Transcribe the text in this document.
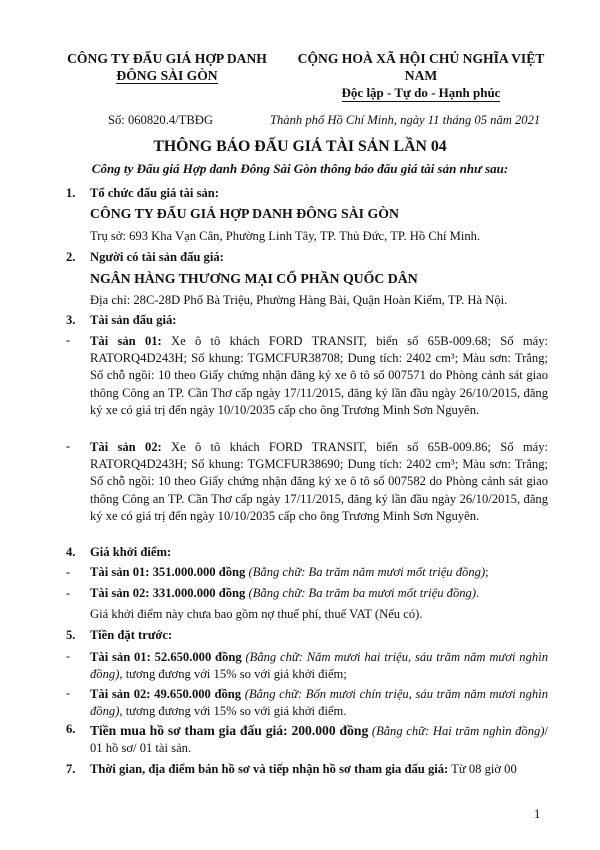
CÔNG TY ĐẤU GIÁ HỢP DANH
ĐÔNG SÀI GÒN
CỘNG HOÀ XÃ HỘI CHỦ NGHĨA VIỆT NAM
Độc lập - Tự do - Hạnh phúc
Số: 060820.4/TBĐG	Thành phố Hồ Chí Minh, ngày 11 tháng 05 năm 2021
THÔNG BÁO ĐẤU GIÁ TÀI SẢN LẦN 04
Công ty Đấu giá Hợp danh Đông Sài Gòn thông báo đấu giá tài sản như sau:
1. Tổ chức đấu giá tài sản:
CÔNG TY ĐẤU GIÁ HỢP DANH ĐÔNG SÀI GÒN
Trụ sở: 693 Kha Vạn Cân, Phường Linh Tây, TP. Thủ Đức, TP. Hồ Chí Minh.
2. Người có tài sản đấu giá:
NGÂN HÀNG THƯƠNG MẠI CỔ PHẦN QUỐC DÂN
Địa chỉ: 28C-28D Phố Bà Triệu, Phường Hàng Bài, Quận Hoàn Kiếm, TP. Hà Nội.
3. Tài sản đấu giá:
- Tài sản 01: Xe ô tô khách FORD TRANSIT, biển số 65B-009.68; Số máy: RATORQ4D243H; Số khung: TGMCFUR38708; Dung tích: 2402 cm³; Màu sơn: Trắng; Số chỗ ngồi: 10 theo Giấy chứng nhận đăng ký xe ô tô số 007571 do Phòng cảnh sát giao thông Công an TP. Cần Thơ cấp ngày 17/11/2015, đăng ký lần đầu ngày 26/10/2015, đăng ký xe có giá trị đến ngày 10/10/2035 cấp cho ông Trương Minh Sơn Nguyên.
- Tài sản 02: Xe ô tô khách FORD TRANSIT, biển số 65B-009.86; Số máy: RATORQ4D243H; Số khung: TGMCFUR38690; Dung tích: 2402 cm³; Màu sơn: Trắng; Số chỗ ngồi: 10 theo Giấy chứng nhận đăng ký xe ô tô số 007582 do Phòng cảnh sát giao thông Công an TP. Cần Thơ cấp ngày 17/11/2015, đăng ký lần đầu ngày 26/10/2015, đăng ký xe có giá trị đến ngày 10/10/2035 cấp cho ông Trương Minh Sơn Nguyên.
4. Giá khởi điểm:
- Tài sản 01: 351.000.000 đồng (Bằng chữ: Ba trăm năm mươi mốt triệu đồng);
- Tài sản 02: 331.000.000 đồng (Bằng chữ: Ba trăm ba mươi mốt triệu đồng).
Giá khởi điểm này chưa bao gồm nợ thuế phí, thuế VAT (Nếu có).
5. Tiền đặt trước:
- Tài sản 01: 52.650.000 đồng (Bằng chữ: Năm mươi hai triệu, sáu trăm năm mươi nghìn đồng), tương đương với 15% so với giá khởi điểm;
- Tài sản 02: 49.650.000 đồng (Bằng chữ: Bốn mươi chín triệu, sáu trăm năm mươi nghìn đồng), tương đương với 15% so với giá khởi điểm.
6. Tiền mua hồ sơ tham gia đấu giá: 200.000 đồng (Bằng chữ: Hai trăm nghìn đồng)/ 01 hồ sơ/ 01 tài sản.
7. Thời gian, địa điểm bán hồ sơ và tiếp nhận hồ sơ tham gia đấu giá: Từ 08 giờ 00
1
